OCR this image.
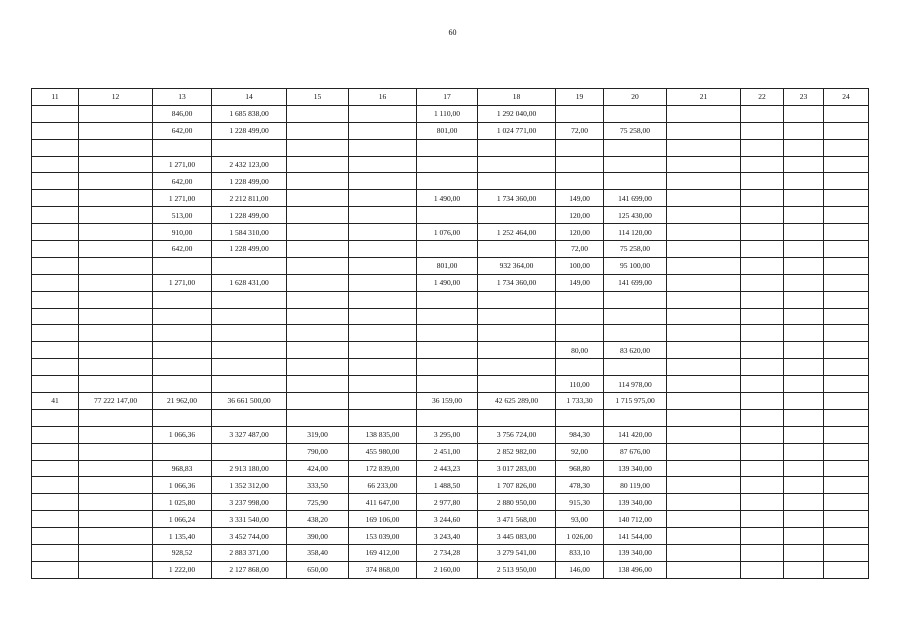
60
11	12	13	14	15	16	17	18	19	20	21	22	23	24
		846,00	1 685 838,00			1 110,00	1 292 040,00						
		642,00	1 228 499,00			801,00	1 024 771,00	72,00	75 258,00				

		1 271,00	2 432 123,00										
		642,00	1 228 499,00										
		1 271,00	2 212 811,00			1 490,00	1 734 360,00	149,00	141 699,00				
		513,00	1 228 499,00					120,00	125 430,00				
		910,00	1 584 310,00			1 076,00	1 252 464,00	120,00	114 120,00				
		642,00	1 228 499,00					72,00	75 258,00				
						801,00	932 364,00	100,00	95 100,00				
		1 271,00	1 628 431,00			1 490,00	1 734 360,00	149,00	141 699,00				

								80,00	83 620,00				

								110,00	114 978,00				
41	77 222 147,00	21 962,00	36 661 500,00			36 159,00	42 625 289,00	1 733,30	1 715 975,00				

		1 066,36	3 327 487,00	319,00	138 835,00	3 295,00	3 756 724,00	984,30	141 420,00				
				790,00	455 980,00	2 451,00	2 852 982,00	92,00	87 676,00				
		968,83	2 913 180,00	424,00	172 839,00	2 443,23	3 017 283,00	968,80	139 340,00				
		1 066,36	1 352 312,00	333,50	66 233,00	1 488,50	1 707 826,00	478,30	80 119,00				
		1 025,80	3 237 998,00	725,90	411 647,00	2 977,80	2 880 950,00	915,30	139 340,00				
		1 066,24	3 331 540,00	438,20	169 106,00	3 244,60	3 471 568,00	93,00	140 712,00				
		1 135,40	3 452 744,00	390,00	153 039,00	3 243,40	3 445 083,00	1 026,00	141 544,00				
		928,52	2 883 371,00	358,40	169 412,00	2 734,28	3 279 541,00	833,10	139 340,00				
		1 222,00	2 127 868,00	650,00	374 868,00	2 160,00	2 513 950,00	146,00	138 496,00				
